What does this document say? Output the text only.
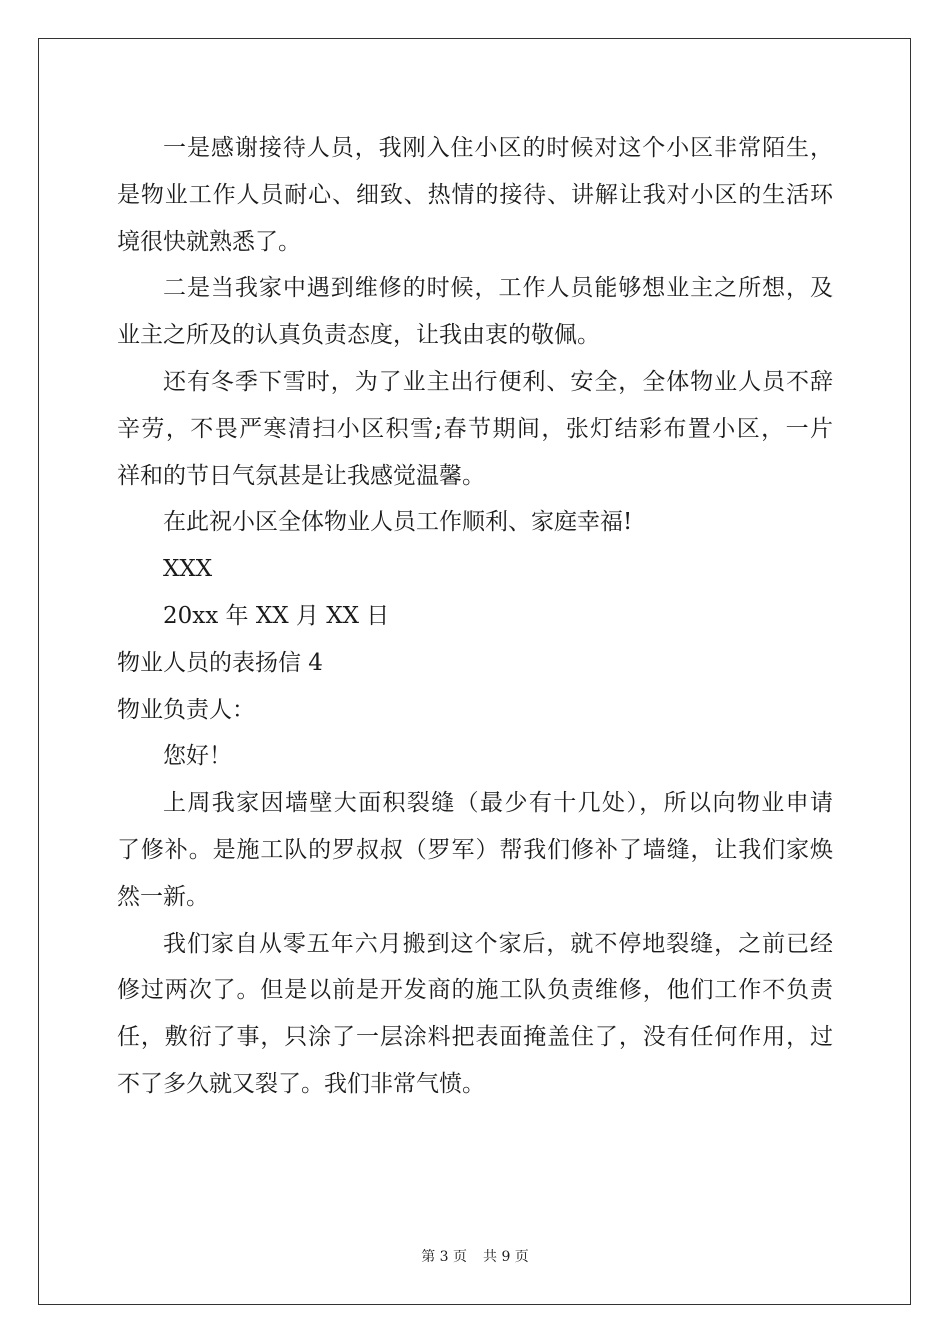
一是感谢接待人员，我刚入住小区的时候对这个小区非常陌生，
是物业工作人员耐心、细致、热情的接待、讲解让我对小区的生活环
境很快就熟悉了。
二是当我家中遇到维修的时候，工作人员能够想业主之所想，及
业主之所及的认真负责态度，让我由衷的敬佩。
还有冬季下雪时，为了业主出行便利、安全，全体物业人员不辞
辛劳，不畏严寒清扫小区积雪;春节期间，张灯结彩布置小区，一片
祥和的节日气氛甚是让我感觉温馨。
在此祝小区全体物业人员工作顺利、家庭幸福!
XXX
20xx 年 XX 月 XX 日
物业人员的表扬信 4
物业负责人：
您好！
上周我家因墙壁大面积裂缝（最少有十几处），所以向物业申请
了修补。是施工队的罗叔叔（罗军）帮我们修补了墙缝，让我们家焕
然一新。
我们家自从零五年六月搬到这个家后，就不停地裂缝，之前已经
修过两次了。但是以前是开发商的施工队负责维修，他们工作不负责
任，敷衍了事，只涂了一层涂料把表面掩盖住了，没有任何作用，过
不了多久就又裂了。我们非常气愤。
第 3 页 共 9 页
